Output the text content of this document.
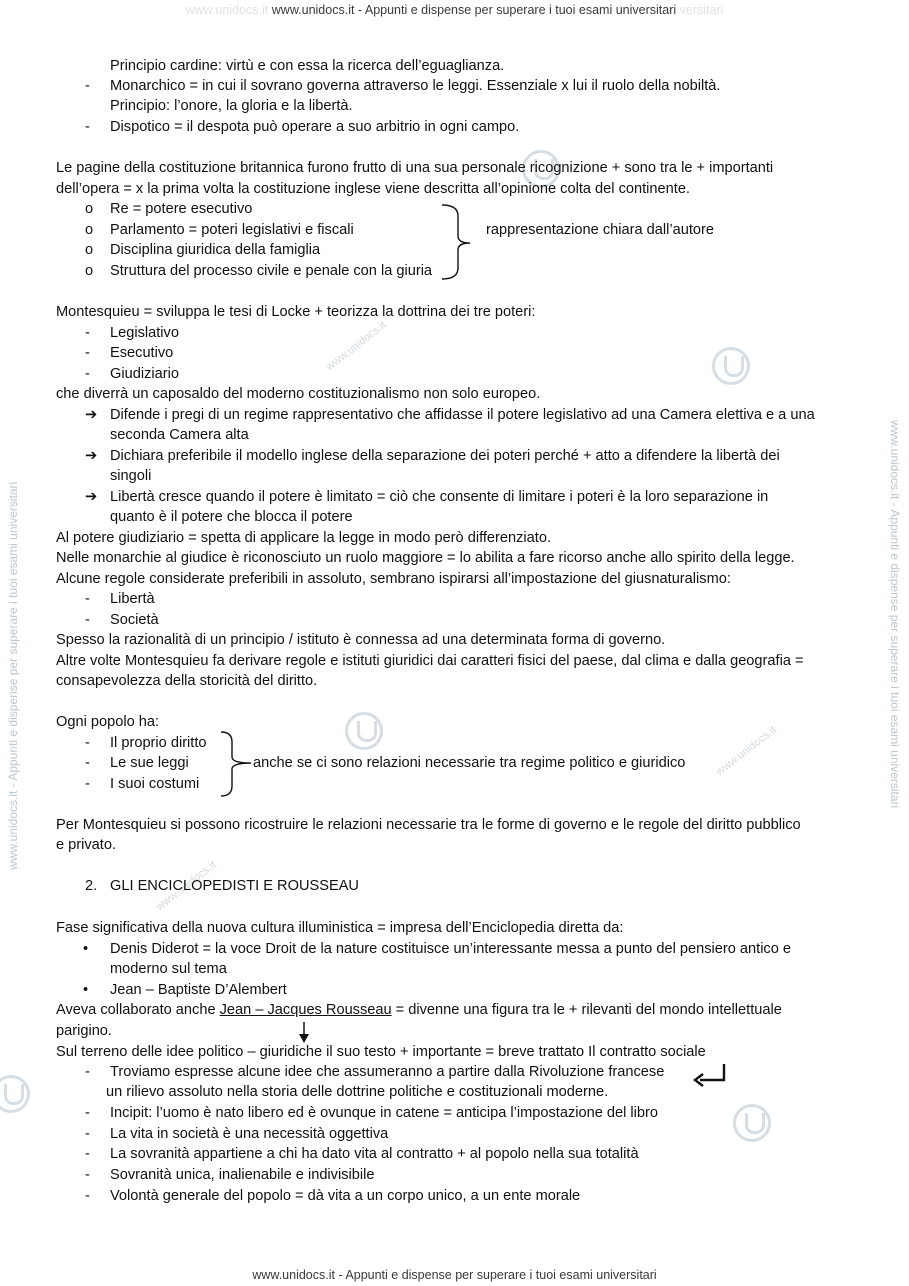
www.unidocs.it www.unidocs.it - Appunti e dispense per superare i tuoi esami universitari versitari
www.unidocs.it - Appunti e dispense per superare i tuoi esami universitari
www.unidocs.it - Appunti e dispense per superare i tuoi esami universitari	www.unidocs.it - Appunti e dispense per superare i tuoi esami universitari
www.unidocs.it
www.unidocs.it
www.unidocs.it
Principio cardine: virtù e con essa la ricerca dell’eguaglianza.
-	Monarchico = in cui il sovrano governa attraverso le leggi. Essenziale x lui il ruolo della nobiltà.
Principio: l’onore, la gloria e la libertà.
-	Dispotico = il despota può operare a suo arbitrio in ogni campo.
Le pagine della costituzione britannica furono frutto di una sua personale ricognizione + sono tra le + importanti
dell’opera = x la prima volta la costituzione inglese viene descritta all’opinione colta del continente.
o	Re = potere esecutivo
o	Parlamento = poteri legislativi e fiscali
o	Disciplina giuridica della famiglia
o	Struttura del processo civile e penale con la giuria
rappresentazione chiara dall’autore
Montesquieu = sviluppa le tesi di Locke + teorizza la dottrina dei tre poteri:
-	Legislativo
-	Esecutivo
-	Giudiziario
che diverrà un caposaldo del moderno costituzionalismo non solo europeo.
➔ Difende i pregi di un regime rappresentativo che affidasse il potere legislativo ad una Camera elettiva e a una
seconda Camera alta
➔ Dichiara preferibile il modello inglese della separazione dei poteri perché + atto a difendere la libertà dei
singoli
➔ Libertà cresce quando il potere è limitato = ciò che consente di limitare i poteri è la loro separazione in
quanto è il potere che blocca il potere
Al potere giudiziario = spetta di applicare la legge in modo però differenziato.
Nelle monarchie al giudice è riconosciuto un ruolo maggiore = lo abilita a fare ricorso anche allo spirito della legge.
Alcune regole considerate preferibili in assoluto, sembrano ispirarsi all’impostazione del giusnaturalismo:
-	Libertà
-	Società
Spesso la razionalità di un principio / istituto è connessa ad una determinata forma di governo.
Altre volte Montesquieu fa derivare regole e istituti giuridici dai caratteri fisici del paese, dal clima e dalla geografia =
consapevolezza della storicità del diritto.
Ogni popolo ha:
-	Il proprio diritto
-	Le sue leggi
-	I suoi costumi
anche se ci sono relazioni necessarie tra regime politico e giuridico
Per Montesquieu si possono ricostruire le relazioni necessarie tra le forme di governo e le regole del diritto pubblico
e privato.
2. GLI ENCICLOPEDISTI E ROUSSEAU
Fase significativa della nuova cultura illuministica = impresa dell’Enciclopedia diretta da:
•	Denis Diderot = la voce Droit de la nature costituisce un’interessante messa a punto del pensiero antico e
moderno sul tema
•	Jean – Baptiste D’Alembert
Aveva collaborato anche Jean – Jacques Rousseau = divenne una figura tra le + rilevanti del mondo intellettuale
parigino.
Sul terreno delle idee politico – giuridiche il suo testo + importante = breve trattato Il contratto sociale
-	Troviamo espresse alcune idee che assumeranno a partire dalla Rivoluzione francese
un rilievo assoluto nella storia delle dottrine politiche e costituzionali moderne.
-	Incipit: l’uomo è nato libero ed è ovunque in catene = anticipa l’impostazione del libro
-	La vita in società è una necessità oggettiva
-	La sovranità appartiene a chi ha dato vita al contratto + al popolo nella sua totalità
-	Sovranità unica, inalienabile e indivisibile
-	Volontà generale del popolo = dà vita a un corpo unico, a un ente morale
